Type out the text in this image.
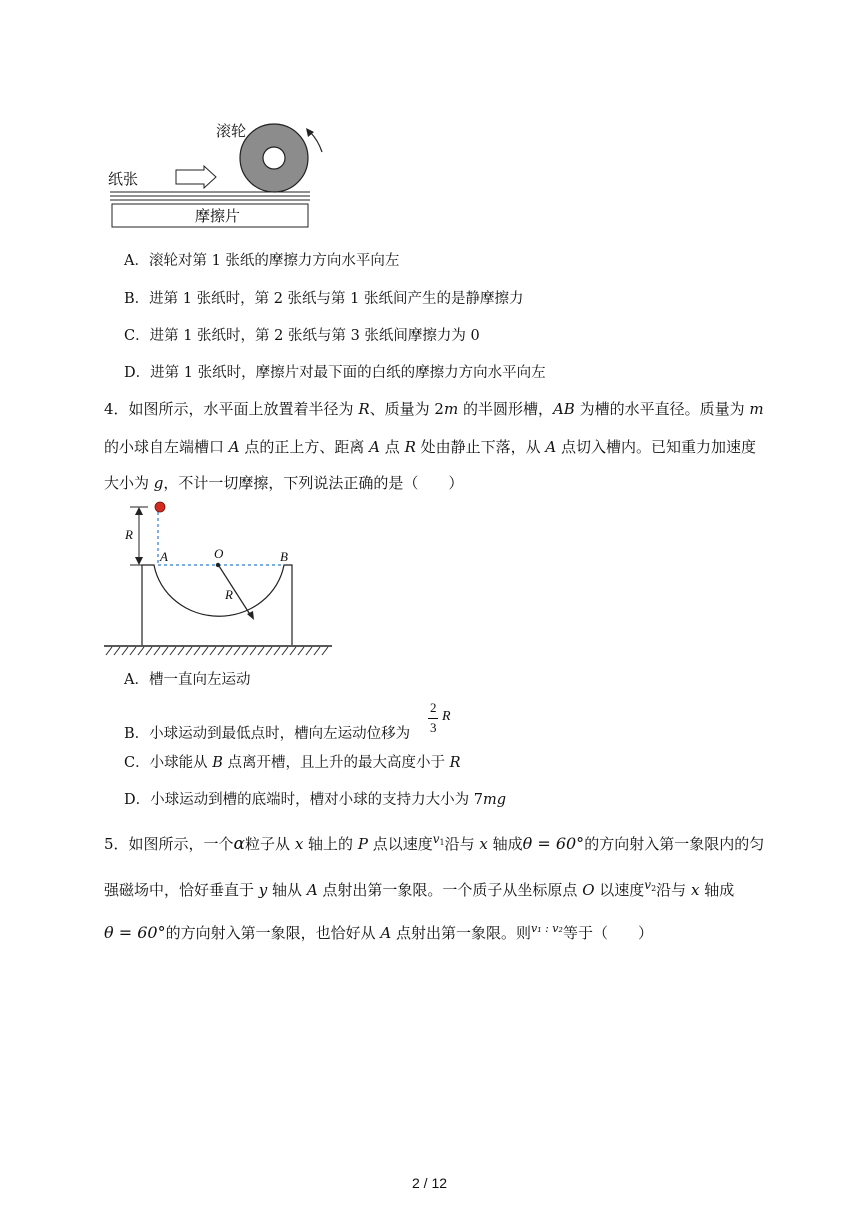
滚轮
纸张
摩擦片
A．滚轮对第 1 张纸的摩擦力方向水平向左
B．进第 1 张纸时，第 2 张纸与第 1 张纸间产生的是静摩擦力
C．进第 1 张纸时，第 2 张纸与第 3 张纸间摩擦力为 0
D．进第 1 张纸时，摩擦片对最下面的白纸的摩擦力方向水平向左
4．如图所示，水平面上放置着半径为 R、质量为 2m 的半圆形槽，AB 为槽的水平直径。质量为 m
的小球自左端槽口 A 点的正上方、距离 A 点 R 处由静止下落，从 A 点切入槽内。已知重力加速度
大小为 g，不计一切摩擦，下列说法正确的是（　　）
R
A	O	B
R
A．槽一直向左运动
B．小球运动到最低点时，槽向左运动位移为
2
3
R
C．小球能从 B 点离开槽，且上升的最大高度小于 R
D．小球运动到槽的底端时，槽对小球的支持力大小为 7mg
5．如图所示，一个α粒子从 x 轴上的 P 点以速度$^{v1}$沿与 x 轴成θ = 60°的方向射入第一象限内的匀
强磁场中，恰好垂直于 y 轴从 A 点射出第一象限。一个质子从坐标原点 O 以速度$^{v2}$沿与 x 轴成
θ = 60°的方向射入第一象限，也恰好从 A 点射出第一象限。则$^{v_1 : v_2}$等于（　　）
2 / 12
